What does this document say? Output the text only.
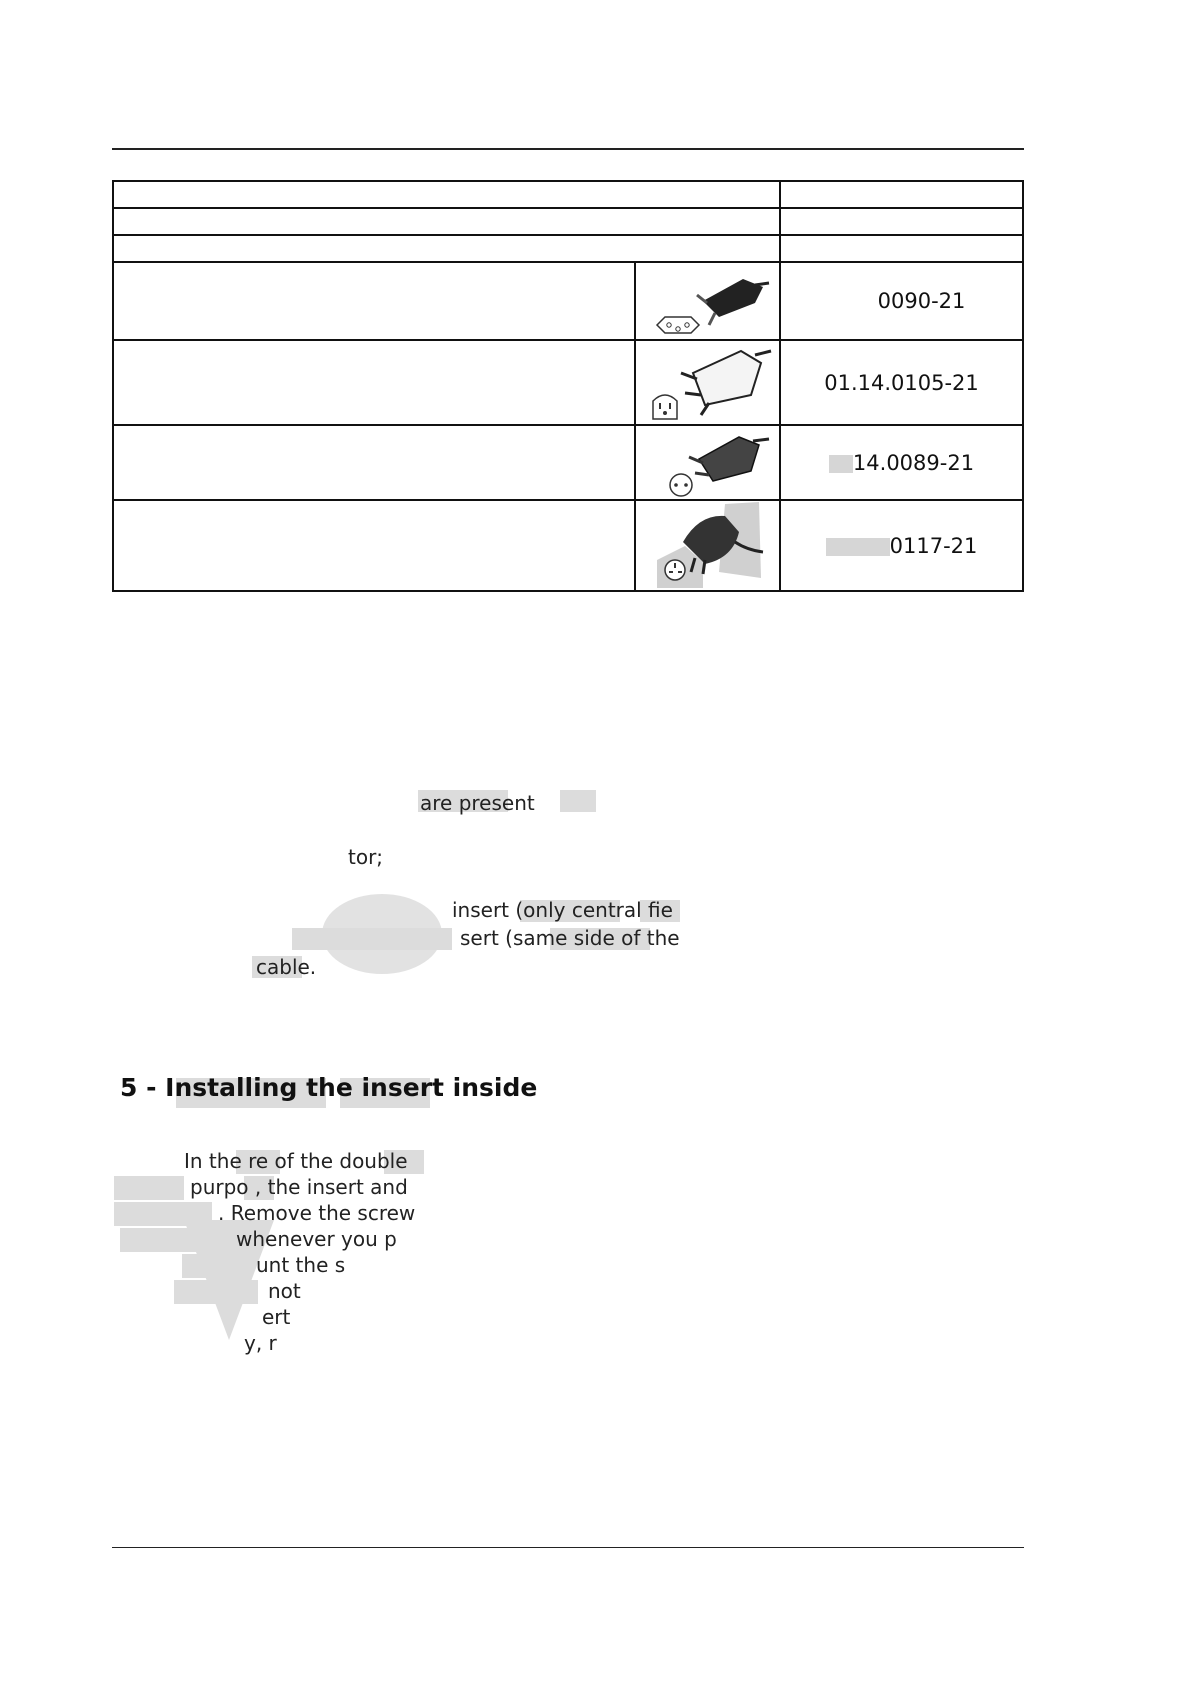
	0090-21

	01.14.0105-21

	14.0089-21

	0117-21
are present
tor;
insert (only central fie
sert (same side of the
cable.
5 - Installing the insert inside
In the re of the double
purpo , the insert and
. Remove the screw
whenever you p
unt the s
not
ert
y, r
